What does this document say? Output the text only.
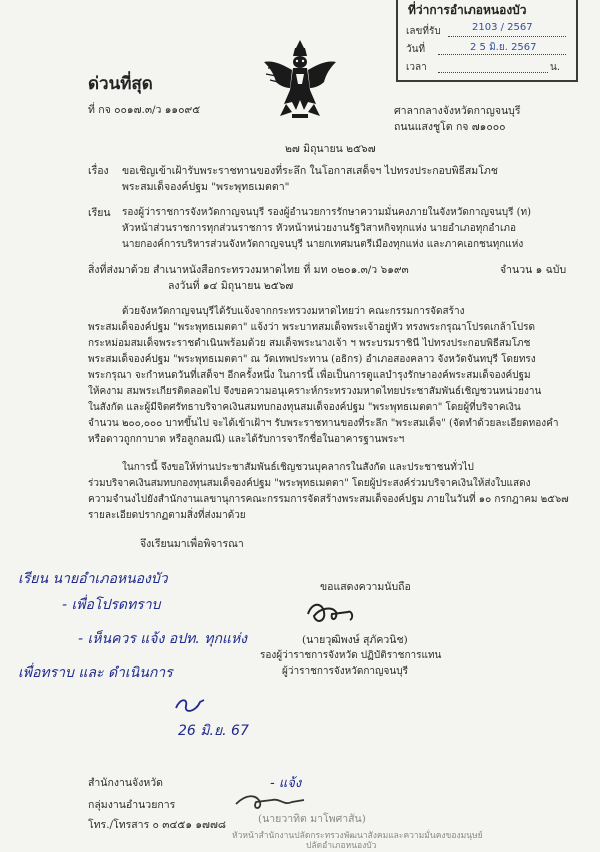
ที่ว่าการอำเภอหนองบัว
เลขที่รับ	2103 / 2567
วันที่	2 5 มิ.ย. 2567
เวลา	น.
ด่วนที่สุด
ที่ กจ ๐๐๑๗.๓/ว ๑๑๐๙๕	ศาลากลางจังหวัดกาญจนบุรี
ถนนแสงชูโต กจ ๗๑๐๐๐
๒๗ มิถุนายน ๒๕๖๗
เรื่อง ขอเชิญเข้าเฝ้ารับพระราชทานของที่ระลึก ในโอกาสเสด็จฯ ไปทรงประกอบพิธีสมโภช
พระสมเด็จองค์ปฐม "พระพุทธเมตตา"
เรียน รองผู้ว่าราชการจังหวัดกาญจนบุรี รองผู้อำนวยการรักษาความมั่นคงภายในจังหวัดกาญจนบุรี (ท)
หัวหน้าส่วนราชการทุกส่วนราชการ หัวหน้าหน่วยงานรัฐวิสาหกิจทุกแห่ง นายอำเภอทุกอำเภอ
นายกองค์การบริหารส่วนจังหวัดกาญจนบุรี นายกเทศมนตรีเมืองทุกแห่ง และภาคเอกชนทุกแห่ง
สิ่งที่ส่งมาด้วย สำเนาหนังสือกระทรวงมหาดไทย ที่ มท ๐๒๐๑.๓/ว ๖๑๙๓	จำนวน ๑ ฉบับ
ลงวันที่ ๑๔ มิถุนายน ๒๕๖๗
ด้วยจังหวัดกาญจนบุรีได้รับแจ้งจากกระทรวงมหาดไทยว่า คณะกรรมการจัดสร้าง
พระสมเด็จองค์ปฐม "พระพุทธเมตตา" แจ้งว่า พระบาทสมเด็จพระเจ้าอยู่หัว ทรงพระกรุณาโปรดเกล้าโปรด
กระหม่อมสมเด็จพระราชดำเนินพร้อมด้วย สมเด็จพระนางเจ้า ฯ พระบรมราชินี ไปทรงประกอบพิธีสมโภช
พระสมเด็จองค์ปฐม "พระพุทธเมตตา" ณ วัดเทพประทาน (อธิกร) อำเภอสองคลาว จังหวัดจันทบุรี โดยทรง
พระกรุณา จะกำหนดวันที่เสด็จฯ อีกครั้งหนึ่ง ในการนี้ เพื่อเป็นการดูแลบำรุงรักษาองค์พระสมเด็จองค์ปฐม
ให้คงาม สมพระเกียรติตลอดไป จึงขอความอนุเคราะห์กระทรวงมหาดไทยประชาสัมพันธ์เชิญชวนหน่วยงาน
ในสังกัด และผู้มีจิตศรัทธาบริจาคเงินสมทบกองทุนสมเด็จองค์ปฐม "พระพุทธเมตตา" โดยผู้ที่บริจาคเงิน
จำนวน ๒๐๐,๐๐๐ บาทขึ้นไป จะได้เข้าเฝ้าฯ รับพระราชทานของที่ระลึก "พระสมเด็จ" (จัดทำด้วยละเอียดทองคำ
หรือดาวถูกกาบาต หรือลูกลมณี) และได้รับการจารึกชื่อในอาคารฐานพระฯ
ในการนี้ จึงขอให้ท่านประชาสัมพันธ์เชิญชวนบุคลากรในสังกัด และประชาชนทั่วไป
ร่วมบริจาคเงินสมทบกองทุนสมเด็จองค์ปฐม "พระพุทธเมตตา" โดยผู้ประสงค์ร่วมบริจาคเงินให้ส่งใบแสดง
ความจำนงไปยังสำนักงานเลขานุการคณะกรรมการจัดสร้างพระสมเด็จองค์ปฐม ภายในวันที่ ๑๐ กรกฎาคม ๒๕๖๗
รายละเอียดปรากฏตามสิ่งที่ส่งมาด้วย
จึงเรียนมาเพื่อพิจารณา
ขอแสดงความนับถือ
(นายวุฒิพงษ์ สุภัควนิช)
รองผู้ว่าราชการจังหวัด ปฏิบัติราชการแทน
ผู้ว่าราชการจังหวัดกาญจนบุรี
เรียน นายอำเภอหนองบัว
- เพื่อโปรดทราบ
- เห็นควร แจ้ง อปท. ทุกแห่ง
เพื่อทราบ และ ดำเนินการ
26 มิ.ย. 67
- แจ้ง
สำนักงานจังหวัด
กลุ่มงานอำนวยการ
โทร./โทรสาร ๐ ๓๔๕๑ ๑๗๗๘	(นายวาทิต มาโพศาสัน)
หัวหน้าสำนักงานปลัดกระทรวงพัฒนาสังคมและความมั่นคงของมนุษย์
ปลัดอำเภอหนองบัว
